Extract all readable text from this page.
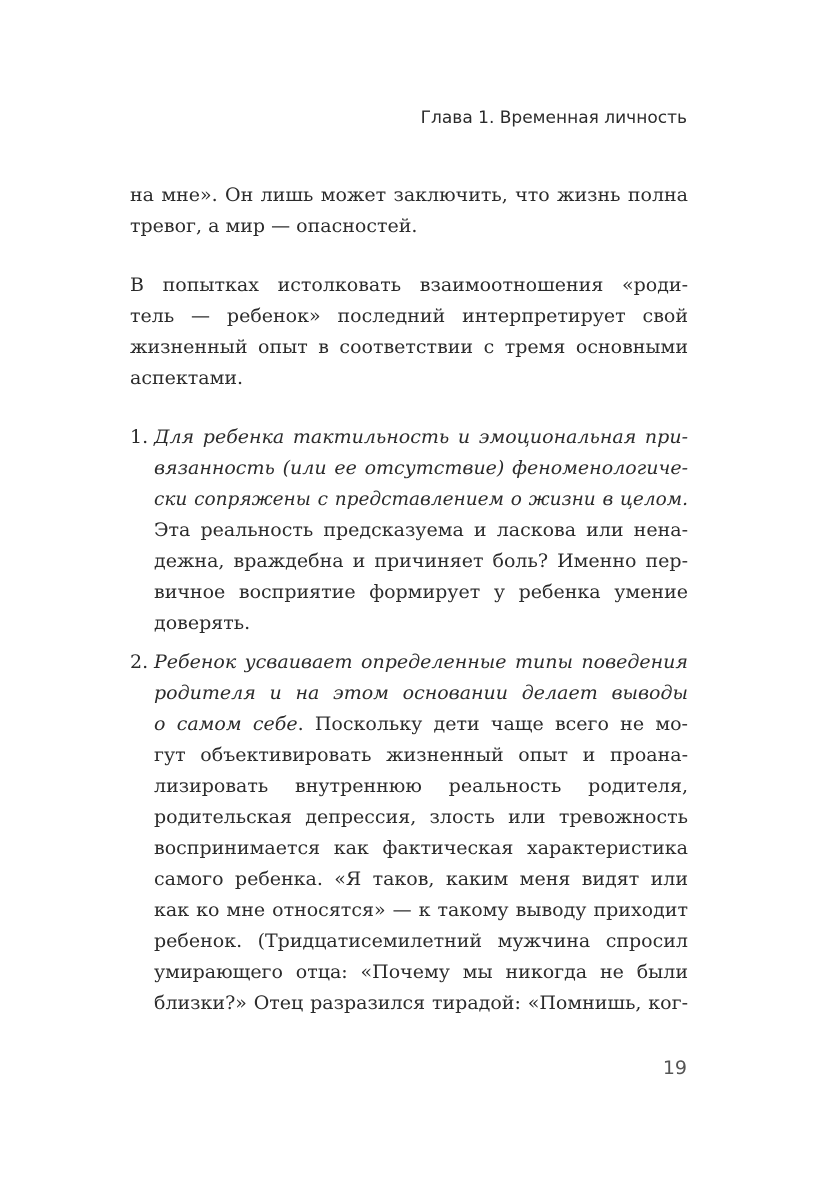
Глава 1. Временная личность
на мне». Он лишь может заключить, что жизнь полна
тревог, а мир — опасностей.
В попытках истолковать взаимоотношения «роди-
тель — ребенок» последний интерпретирует свой
жизненный опыт в соответствии с тремя основными
аспектами.
1. Для ребенка тактильность и эмоциональная при-
вязанность (или ее отсутствие) феноменологиче-
ски сопряжены с представлением о жизни в целом.
Эта реальность предсказуема и ласкова или нена-
дежна, враждебна и причиняет боль? Именно пер-
вичное восприятие формирует у ребенка умение
доверять.
2. Ребенок усваивает определенные типы поведения
родителя и на этом основании делает выводы
о самом себе. Поскольку дети чаще всего не мо-
гут объективировать жизненный опыт и проана-
лизировать внутреннюю реальность родителя,
родительская депрессия, злость или тревожность
воспринимается как фактическая характеристика
самого ребенка. «Я таков, каким меня видят или
как ко мне относятся» — к такому выводу приходит
ребенок. (Тридцатисемилетний мужчина спросил
умирающего отца: «Почему мы никогда не были
близки?» Отец разразился тирадой: «Помнишь, ког-
19
